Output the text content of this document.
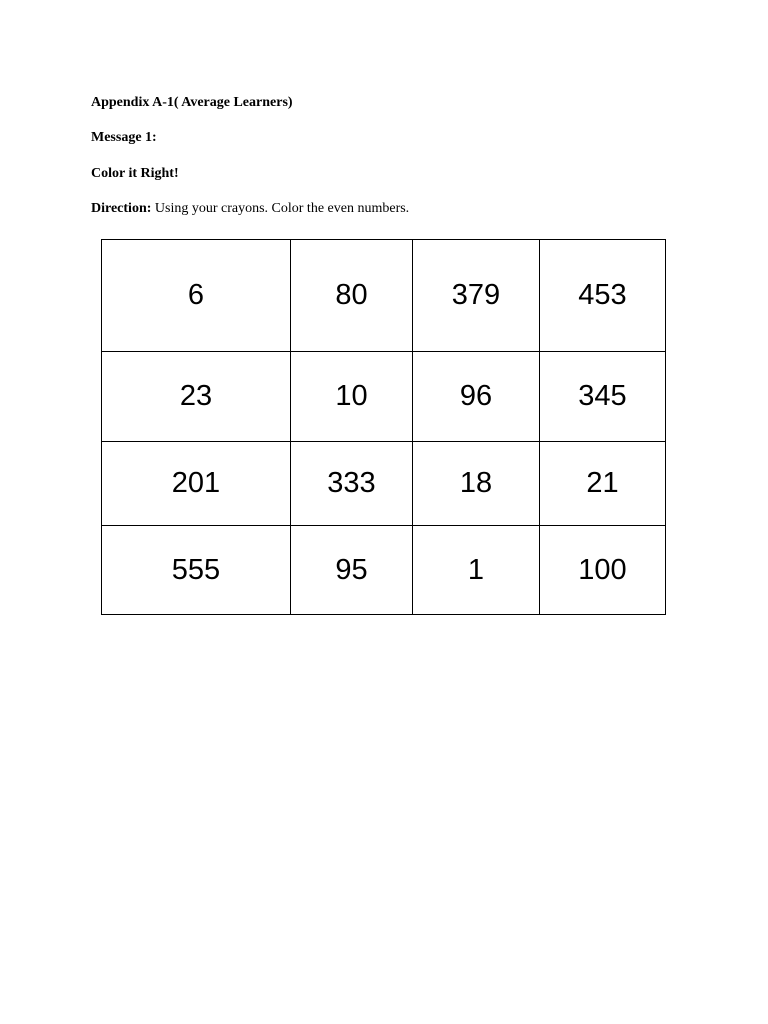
Appendix A-1( Average Learners)
Message 1:
Color it Right!
Direction: Using your crayons. Color the even numbers.
6	80	379	453
23	10	96	345
201	333	18	21
555	95	1	100
